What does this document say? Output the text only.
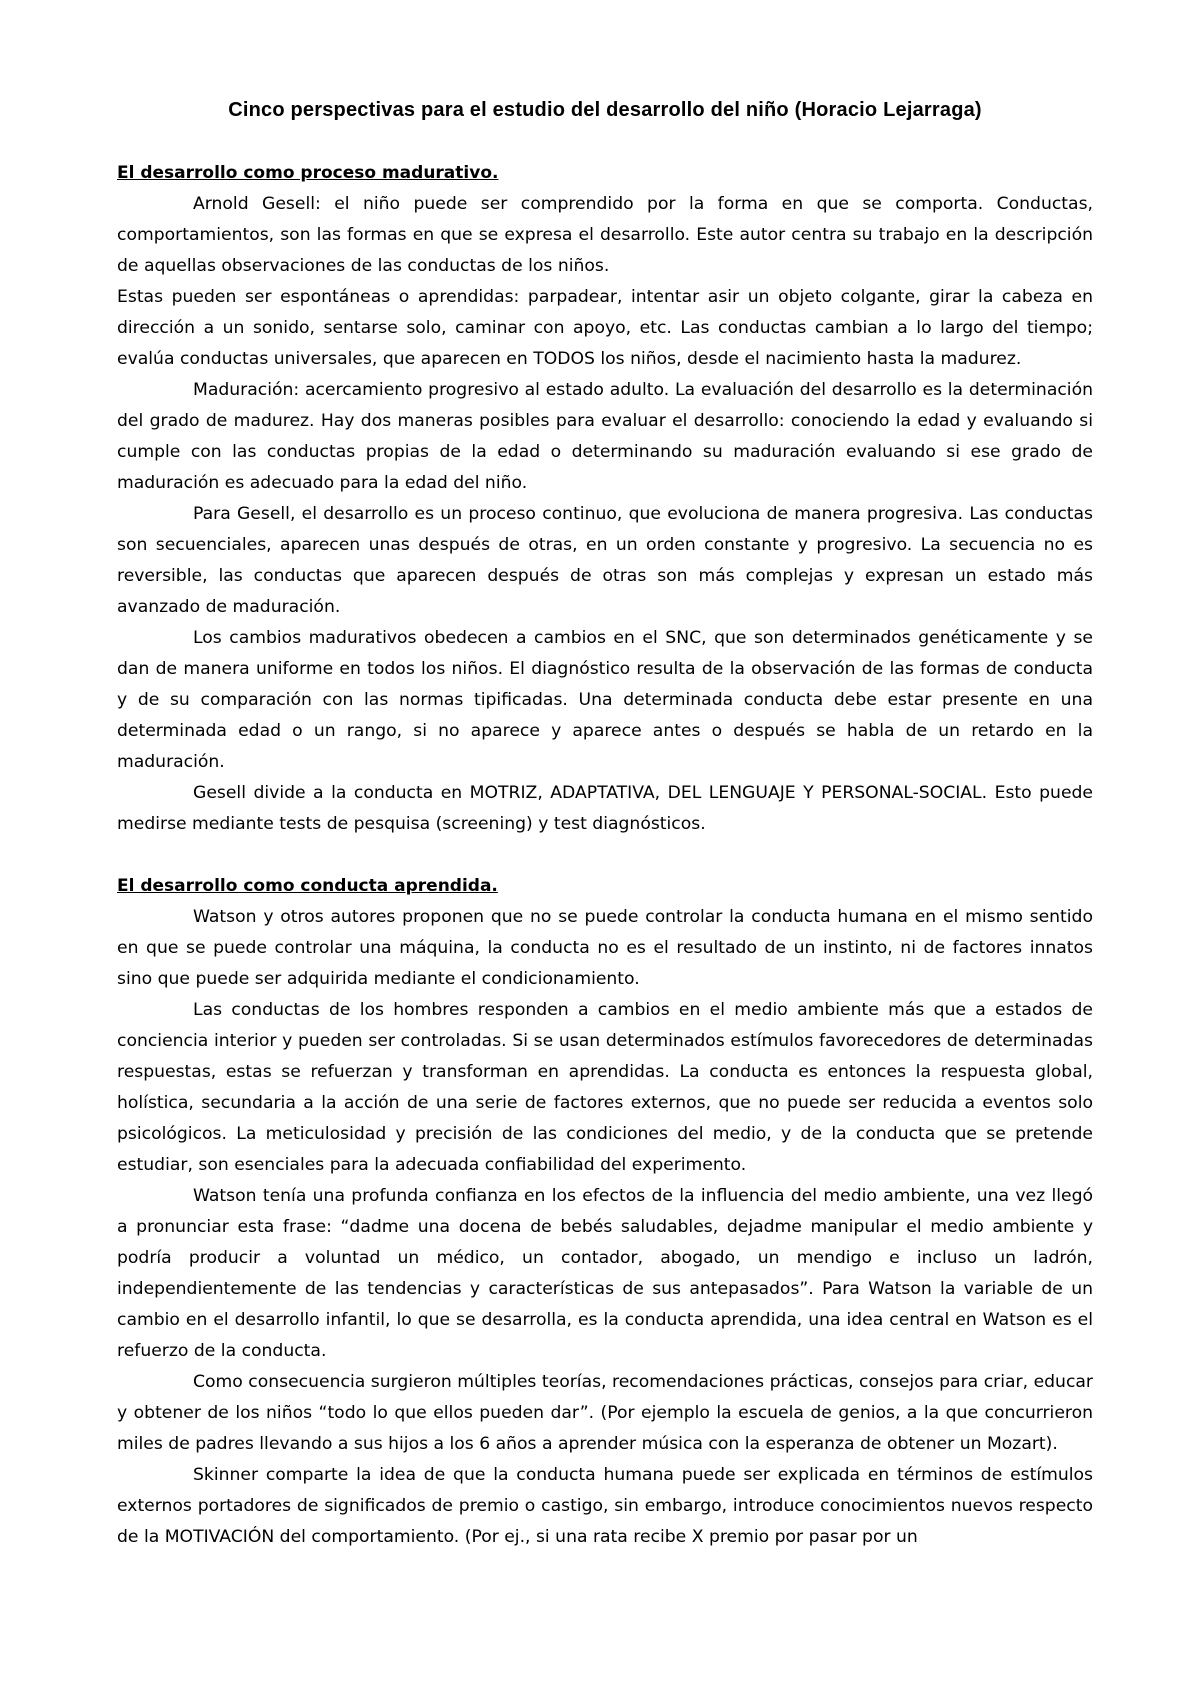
Cinco perspectivas para el estudio del desarrollo del niño (Horacio Lejarraga)

El desarrollo como proceso madurativo.

Arnold Gesell: el niño puede ser comprendido por la forma en que se comporta. Conductas, comportamientos, son las formas en que se expresa el desarrollo. Este autor centra su trabajo en la descripción de aquellas observaciones de las conductas de los niños.

Estas pueden ser espontáneas o aprendidas: parpadear, intentar asir un objeto colgante, girar la cabeza en dirección a un sonido, sentarse solo, caminar con apoyo, etc. Las conductas cambian a lo largo del tiempo; evalúa conductas universales, que aparecen en TODOS los niños, desde el nacimiento hasta la madurez.

Maduración: acercamiento progresivo al estado adulto. La evaluación del desarrollo es la determinación del grado de madurez. Hay dos maneras posibles para evaluar el desarrollo: conociendo la edad y evaluando si cumple con las conductas propias de la edad o determinando su maduración evaluando si ese grado de maduración es adecuado para la edad del niño.

Para Gesell, el desarrollo es un proceso continuo, que evoluciona de manera progresiva. Las conductas son secuenciales, aparecen unas después de otras, en un orden constante y progresivo. La secuencia no es reversible, las conductas que aparecen después de otras son más complejas y expresan un estado más avanzado de maduración.

Los cambios madurativos obedecen a cambios en el SNC, que son determinados genéticamente y se dan de manera uniforme en todos los niños. El diagnóstico resulta de la observación de las formas de conducta y de su comparación con las normas tipificadas. Una determinada conducta debe estar presente en una determinada edad o un rango, si no aparece y aparece antes o después se habla de un retardo en la maduración.

Gesell divide a la conducta en MOTRIZ, ADAPTATIVA, DEL LENGUAJE Y PERSONAL-SOCIAL. Esto puede medirse mediante tests de pesquisa (screening) y test diagnósticos.

El desarrollo como conducta aprendida.

Watson y otros autores proponen que no se puede controlar la conducta humana en el mismo sentido en que se puede controlar una máquina, la conducta no es el resultado de un instinto, ni de factores innatos sino que puede ser adquirida mediante el condicionamiento.

Las conductas de los hombres responden a cambios en el medio ambiente más que a estados de conciencia interior y pueden ser controladas. Si se usan determinados estímulos favorecedores de determinadas respuestas, estas se refuerzan y transforman en aprendidas. La conducta es entonces la respuesta global, holística, secundaria a la acción de una serie de factores externos, que no puede ser reducida a eventos solo psicológicos. La meticulosidad y precisión de las condiciones del medio, y de la conducta que se pretende estudiar, son esenciales para la adecuada confiabilidad del experimento.

Watson tenía una profunda confianza en los efectos de la influencia del medio ambiente, una vez llegó a pronunciar esta frase: “dadme una docena de bebés saludables, dejadme manipular el medio ambiente y podría producir a voluntad un médico, un contador, abogado, un mendigo e incluso un ladrón, independientemente de las tendencias y características de sus antepasados”. Para Watson la variable de un cambio en el desarrollo infantil, lo que se desarrolla, es la conducta aprendida, una idea central en Watson es el refuerzo de la conducta.

Como consecuencia surgieron múltiples teorías, recomendaciones prácticas, consejos para criar, educar y obtener de los niños “todo lo que ellos pueden dar”. (Por ejemplo la escuela de genios, a la que concurrieron miles de padres llevando a sus hijos a los 6 años a aprender música con la esperanza de obtener un Mozart).

Skinner comparte la idea de que la conducta humana puede ser explicada en términos de estímulos externos portadores de significados de premio o castigo, sin embargo, introduce conocimientos nuevos respecto de la MOTIVACIÓN del comportamiento. (Por ej., si una rata recibe X premio por pasar por un
